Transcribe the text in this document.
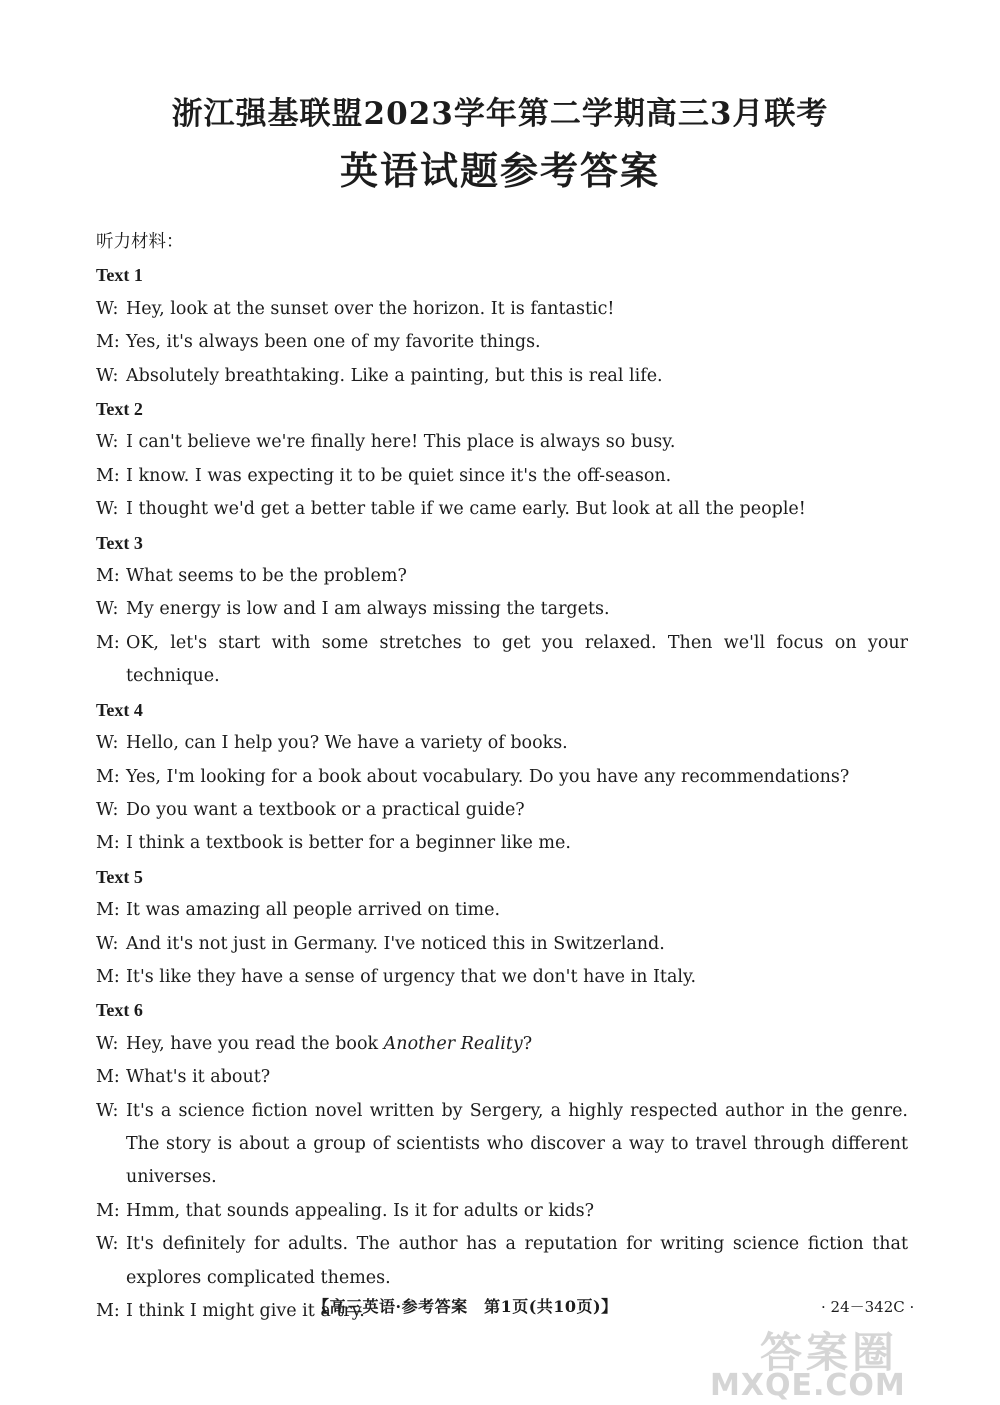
浙江强基联盟2023学年第二学期高三3月联考
英语试题参考答案
听力材料：
Text 1
W: Hey, look at the sunset over the horizon. It is fantastic!
M: Yes, it's always been one of my favorite things.
W: Absolutely breathtaking. Like a painting, but this is real life.
Text 2
W: I can't believe we're finally here! This place is always so busy.
M: I know. I was expecting it to be quiet since it's the off-season.
W: I thought we'd get a better table if we came early. But look at all the people!
Text 3
M: What seems to be the problem?
W: My energy is low and I am always missing the targets.
M: OK, let's start with some stretches to get you relaxed. Then we'll focus on your technique.
Text 4
W: Hello, can I help you? We have a variety of books.
M: Yes, I'm looking for a book about vocabulary. Do you have any recommendations?
W: Do you want a textbook or a practical guide?
M: I think a textbook is better for a beginner like me.
Text 5
M: It was amazing all people arrived on time.
W: And it's not just in Germany. I've noticed this in Switzerland.
M: It's like they have a sense of urgency that we don't have in Italy.
Text 6
W: Hey, have you read the book Another Reality?
M: What's it about?
W: It's a science fiction novel written by Sergery, a highly respected author in the genre. The story is about a group of scientists who discover a way to travel through different universes.
M: Hmm, that sounds appealing. Is it for adults or kids?
W: It's definitely for adults. The author has a reputation for writing science fiction that explores complicated themes.
M: I think I might give it a try.
【高三英语·参考答案　第1页(共10页)】	· 24－342C ·
答案圈
MXQE.COM
